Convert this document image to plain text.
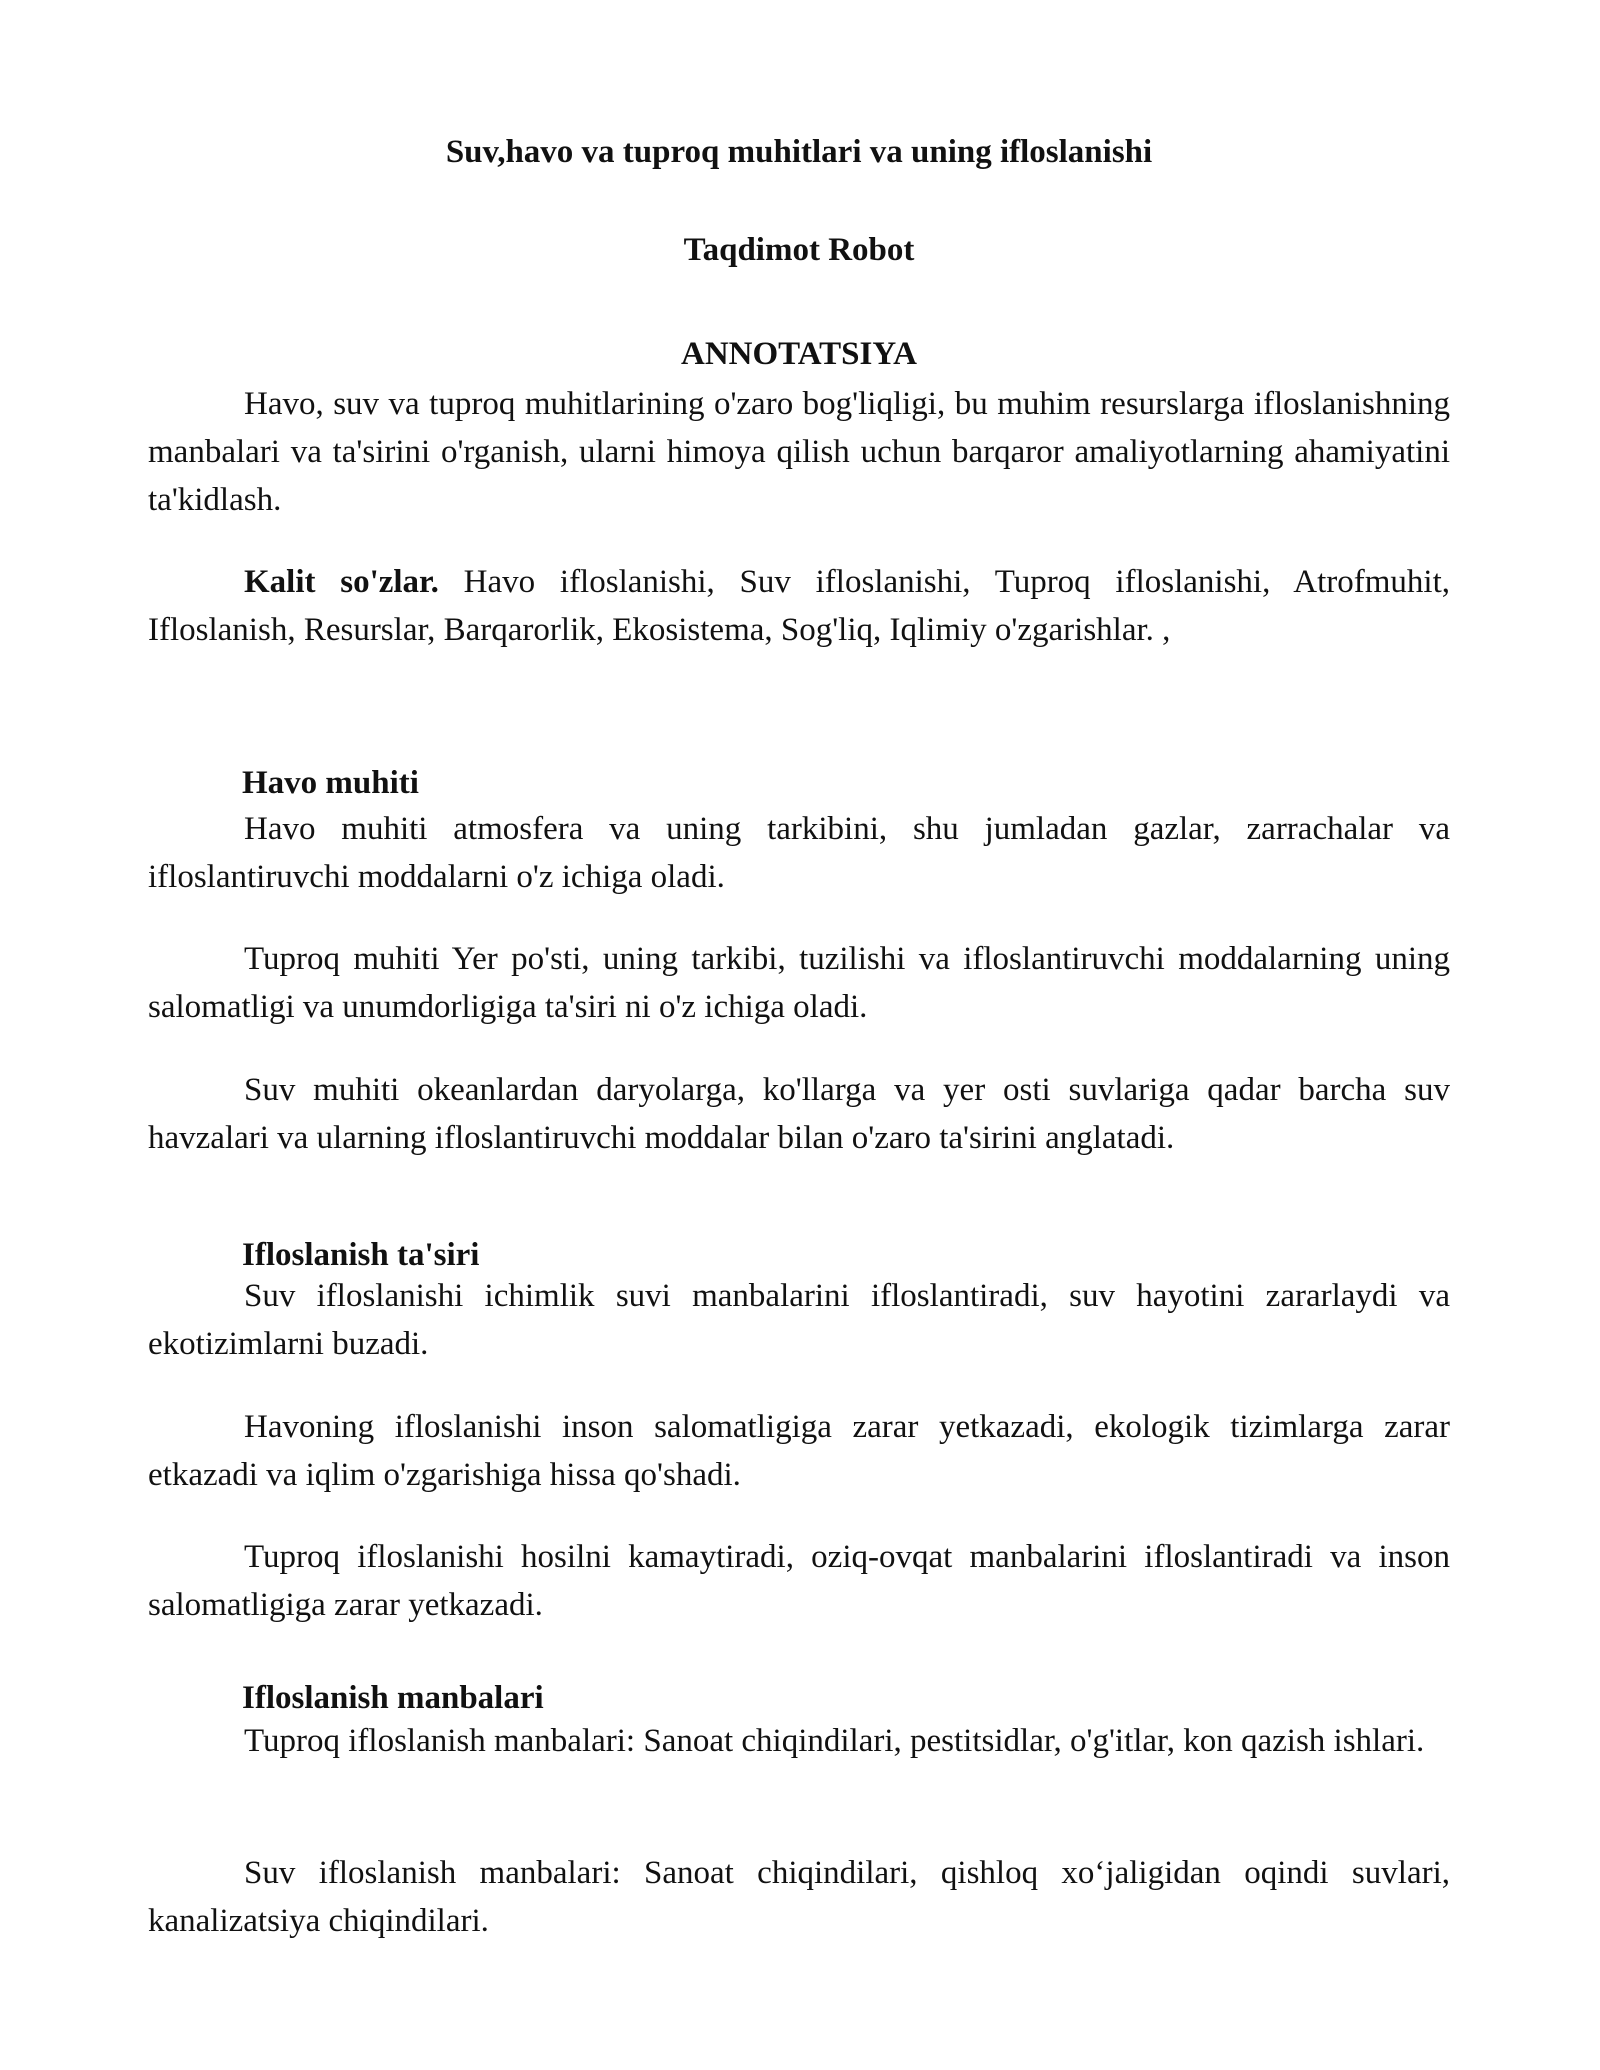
Suv,havo va tuproq muhitlari va uning ifloslanishi
Taqdimot Robot
ANNOTATSIYA

Havo, suv va tuproq muhitlarining o'zaro bog'liqligi, bu muhim resurslarga ifloslanishning manbalari va ta'sirini o'rganish, ularni himoya qilish uchun barqaror amaliyotlarning ahamiyatini ta'kidlash.

Kalit so'zlar. Havo ifloslanishi, Suv ifloslanishi, Tuproq ifloslanishi, Atrofmuhit, Ifloslanish, Resurslar, Barqarorlik, Ekosistema, Sog'liq, Iqlimiy o'zgarishlar. ,

Havo muhiti

Havo muhiti atmosfera va uning tarkibini, shu jumladan gazlar, zarrachalar va ifloslantiruvchi moddalarni o'z ichiga oladi.

Tuproq muhiti Yer po'sti, uning tarkibi, tuzilishi va ifloslantiruvchi moddalarning uning salomatligi va unumdorligiga ta'siri ni o'z ichiga oladi.

Suv muhiti okeanlardan daryolarga, ko'llarga va yer osti suvlariga qadar barcha suv havzalari va ularning ifloslantiruvchi moddalar bilan o'zaro ta'sirini anglatadi.

Ifloslanish ta'siri

Suv ifloslanishi ichimlik suvi manbalarini ifloslantiradi, suv hayotini zararlaydi va ekotizimlarni buzadi.

Havoning ifloslanishi inson salomatligiga zarar yetkazadi, ekologik tizimlarga zarar etkazadi va iqlim o'zgarishiga hissa qo'shadi.

Tuproq ifloslanishi hosilni kamaytiradi, oziq-ovqat manbalarini ifloslantiradi va inson salomatligiga zarar yetkazadi.

Ifloslanish manbalari

Tuproq ifloslanish manbalari: Sanoat chiqindilari, pestitsidlar, o'g'itlar, kon qazish ishlari.

Suv ifloslanish manbalari: Sanoat chiqindilari, qishloq xo‘jaligidan oqindi suvlari, kanalizatsiya chiqindilari.
